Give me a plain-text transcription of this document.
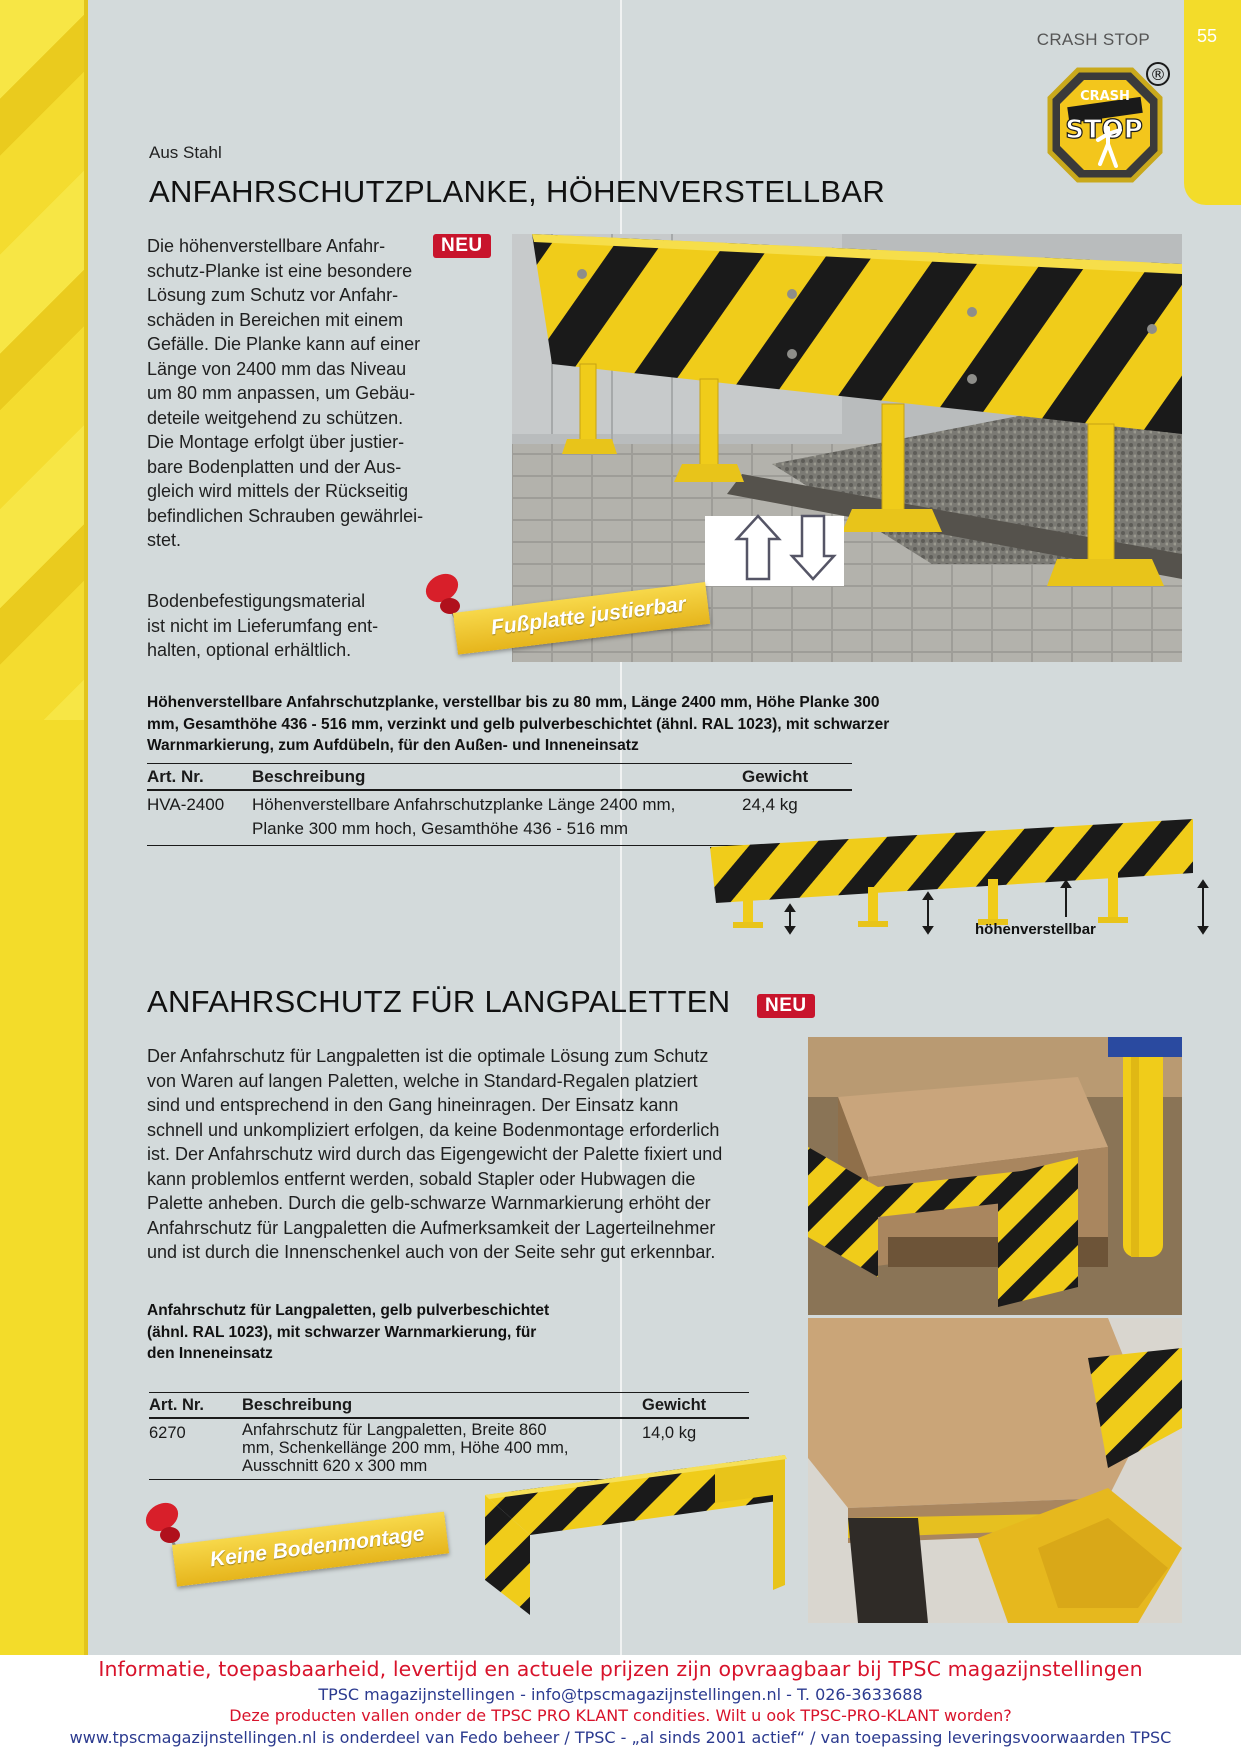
55
CRASH STOP
CRASH
STOP
®
Aus Stahl
ANFAHRSCHUTZPLANKE, HÖHENVERSTELLBAR
NEU
Die höhenverstellbare Anfahr-
schutz-Planke ist eine besondere
Lösung zum Schutz vor Anfahr-
schäden in Bereichen mit einem
Gefälle. Die Planke kann auf einer
Länge von 2400 mm das Niveau
um 80 mm anpassen, um Gebäu-
deteile weitgehend zu schützen.
Die Montage erfolgt über justier-
bare Bodenplatten und der Aus-
gleich wird mittels der Rückseitig
befindlichen Schrauben gewährlei-
stet.
Bodenbefestigungsmaterial
ist nicht im Lieferumfang ent-
halten, optional erhältlich.
Fußplatte justierbar
Höhenverstellbare Anfahrschutzplanke, verstellbar bis zu 80 mm, Länge 2400 mm, Höhe Planke 300
mm, Gesamthöhe 436 - 516 mm, verzinkt und gelb pulverbeschichtet (ähnl. RAL 1023), mit schwarzer
Warnmarkierung, zum Aufdübeln, für den Außen- und Inneneinsatz
Art. Nr.	Beschreibung	Gewicht
HVA-2400	Höhenverstellbare Anfahrschutzplanke Länge 2400 mm,
Planke 300 mm hoch, Gesamthöhe 436 - 516 mm	24,4 kg
höhenverstellbar
ANFAHRSCHUTZ FÜR LANGPALETTEN	NEU
Der Anfahrschutz für Langpaletten ist die optimale Lösung zum Schutz
von Waren auf langen Paletten, welche in Standard-Regalen platziert
sind und entsprechend in den Gang hineinragen. Der Einsatz kann
schnell und unkompliziert erfolgen, da keine Bodenmontage erforderlich
ist. Der Anfahrschutz wird durch das Eigengewicht der Palette fixiert und
kann problemlos entfernt werden, sobald Stapler oder Hubwagen die
Palette anheben. Durch die gelb-schwarze Warnmarkierung erhöht der
Anfahrschutz für Langpaletten die Aufmerksamkeit der Lagerteilnehmer
und ist durch die Innenschenkel auch von der Seite sehr gut erkennbar.
Anfahrschutz für Langpaletten, gelb pulverbeschichtet
(ähnl. RAL 1023), mit schwarzer Warnmarkierung, für
den Inneneinsatz
Art. Nr.	Beschreibung	Gewicht
6270	Anfahrschutz für Langpaletten, Breite 860
mm, Schenkellänge 200 mm, Höhe 400 mm,
Ausschnitt 620 x 300 mm	14,0 kg
Keine Bodenmontage
Informatie, toepasbaarheid, levertijd en actuele prijzen zijn opvraagbaar bij TPSC magazijnstellingen
TPSC magazijnstellingen - info@tpscmagazijnstellingen.nl - T. 026-3633688
Deze producten vallen onder de TPSC PRO KLANT condities. Wilt u ook TPSC-PRO-KLANT worden?
www.tpscmagazijnstellingen.nl is onderdeel van Fedo beheer / TPSC - „al sinds 2001 actief“ / van toepassing leveringsvoorwaarden TPSC
